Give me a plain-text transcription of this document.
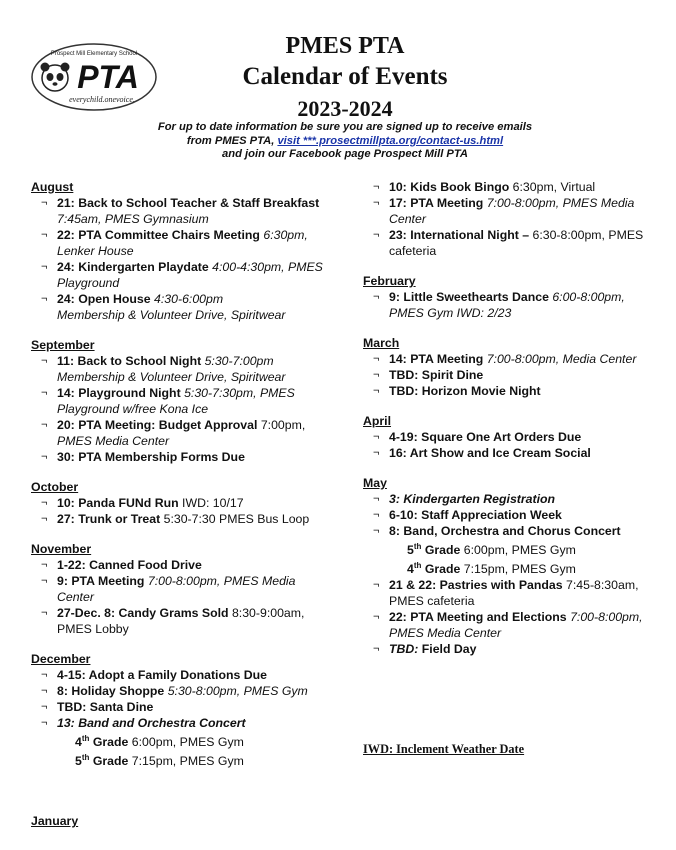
Prospect Mill Elementary School
PTA
everychild.onevoice.
PMES PTA
Calendar of Events
2023-2024
For up to date information be sure you are signed up to receive emails
from PMES PTA, visit ***.prosectmillpta.org/contact-us.html
and join our Facebook page Prospect Mill PTA
August
¬ 21: Back to School Teacher & Staff Breakfast
7:45am, PMES Gymnasium
¬ 22: PTA Committee Chairs Meeting 6:30pm,
Lenker House
¬ 24: Kindergarten Playdate 4:00-4:30pm, PMES
Playground
¬ 24: Open House 4:30-6:00pm
Membership & Volunteer Drive, Spiritwear
September
¬ 11: Back to School Night 5:30-7:00pm
Membership & Volunteer Drive, Spiritwear
¬ 14: Playground Night 5:30-7:30pm, PMES
Playground w/free Kona Ice
¬ 20: PTA Meeting: Budget Approval 7:00pm,
PMES Media Center
¬ 30: PTA Membership Forms Due
October
¬ 10: Panda FUNd Run IWD: 10/17
¬ 27: Trunk or Treat 5:30-7:30 PMES Bus Loop
November
¬ 1-22: Canned Food Drive
¬ 9: PTA Meeting 7:00-8:00pm, PMES Media
Center
¬ 27-Dec. 8: Candy Grams Sold 8:30-9:00am,
PMES Lobby
December
¬ 4-15: Adopt a Family Donations Due
¬ 8: Holiday Shoppe 5:30-8:00pm, PMES Gym
¬ TBD: Santa Dine
¬ 13: Band and Orchestra Concert
4th Grade 6:00pm, PMES Gym
5th Grade 7:15pm, PMES Gym
January
¬ 10: Kids Book Bingo 6:30pm, Virtual
¬ 17: PTA Meeting 7:00-8:00pm, PMES Media
Center
¬ 23: International Night – 6:30-8:00pm, PMES
cafeteria
February
¬ 9: Little Sweethearts Dance 6:00-8:00pm,
PMES Gym IWD: 2/23
March
¬ 14: PTA Meeting 7:00-8:00pm, Media Center
¬ TBD: Spirit Dine
¬ TBD: Horizon Movie Night
April
¬ 4-19: Square One Art Orders Due
¬ 16: Art Show and Ice Cream Social
May
¬ 3: Kindergarten Registration
¬ 6-10: Staff Appreciation Week
¬ 8: Band, Orchestra and Chorus Concert
5th Grade 6:00pm, PMES Gym
4th Grade 7:15pm, PMES Gym
¬ 21 & 22: Pastries with Pandas 7:45-8:30am,
PMES cafeteria
¬ 22: PTA Meeting and Elections 7:00-8:00pm,
PMES Media Center
¬ TBD: Field Day
IWD: Inclement Weather Date
